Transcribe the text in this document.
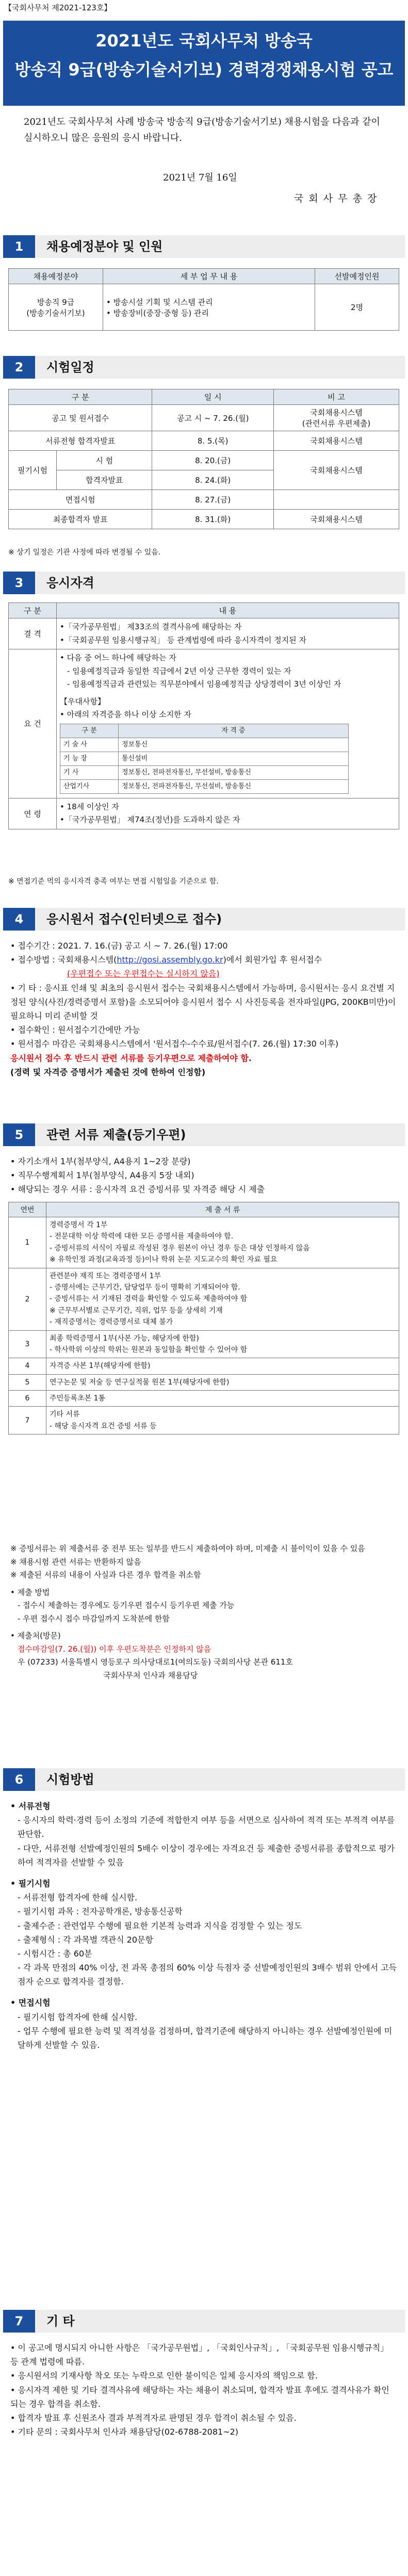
【국회사무처 제2021-123호】
2021년도 국회사무처 방송국
방송직 9급(방송기술서기보) 경력경쟁채용시험 공고
2021년도 국회사무처 사례 방송국 방송직 9급(방송기술서기보) 채용시험을 다음과 같이 실시하오니 많은 응원의 응시 바랍니다.
2021년 7월 16일
국 회 사 무 총 장
1	채용예정분야 및 인원
채용예정분야	세 부 업 무 내 용	선발예정인원
방송직 9급
(방송기술서기보)	• 방송시설 기획 및 시스템 관리
• 방송장비(중장·중형 등) 관리	2명
2	시험일정
구 분		일 시	비 고
공고 및 원서접수		공고 시 ~ 7. 26.(월)	국회채용시스템
(관련서류 우편제출)
서류전형 합격자발표		8. 5.(목)	국회채용시스템
필기시험	시 험	8. 20.(금)	국회채용시스템
	합격자발표	8. 24.(화)	
면접시험		8. 27.(금)	
최종합격자 발표		8. 31.(화)	국회채용시스템
※ 상기 일정은 기관 사정에 따라 변경될 수 있음.
3	응시자격
구 분	내 용
결 격	
•「국가공무원법」 제33조의 결격사유에 해당하는 자
•「국회공무원 임용시행규칙」 등 관계법령에 따라 응시자격이 정지된 자

요 건	
• 다음 중 어느 하나에 해당하는 자
- 임용예정직급과 동일한 직급에서 2년 이상 근무한 경력이 있는 자
- 임용예정직급과 관련있는 직무분야에서 임용예정직급 상당경력이 3년 이상인 자
【우대사항】
• 아래의 자격증을 하나 이상 소지한 자
구 분	자 격 증
기 술 사	정보통신
기 능 장	통신설비
기 사	정보통신, 전파전자통신, 무선설비, 방송통신
산업기사	정보통신, 전파전자통신, 무선설비, 방송통신

연 령	
• 18세 이상인 자
•「국가공무원법」 제74조(정년)를 도과하지 않은 자
※ 면접기준 먹의 응시자격 충족 여부는 면접 시험일을 기준으로 함.
4	응시원서 접수(인터넷으로 접수)

• 접수기간 : 2021. 7. 16.(금) 공고 시 ~ 7. 26.(월) 17:00

• 접수방법 : 국회채용시스템(http://gosi.assembly.go.kr)에서 회원가입 후 원서접수

(우편접수 또는 우편접수는 실시하지 않음)

• 기 타 : 응시표 인쇄 및 최초의 응시원서 접수는 국회채용시스템에서 가능하며, 응시원서는 응시 요건별 지정된 양식(사진/경력증명서 포함)을 소모되어야 응시원서 접수 시 사진등록을 전자파일(JPG, 200KB미만)이 필요하니 미리 준비할 것

• 접수확인 : 원서접수기간에만 가능

• 원서접수 마감은 국회채용시스템에서 '원서접수-수수료/원서접수(7. 26.(월) 17:30 이후)

응시원서 접수 후 반드시 관련 서류를 등기우편으로 제출하여야 함.

(경력 및 자격증 증명서가 제출된 것에 한하여 인정함)

5	관련 서류 제출(등기우편)

• 자기소개서 1부(첨부양식, A4용지 1~2장 분량)

• 직무수행계획서 1부(첨부양식, A4용지 5장 내외)

• 해당되는 경우 서류 : 응시자격 요건 증빙서류 및 자격증 해당 시 제출

연번	제 출 서 류
1	경력증명서 각 1부
- 전문대학 이상 학력에 대한 모든 증명서를 제출하여야 함.
- 증빙서류의 서식이 자필로 작성된 경우 원본이 아닌 경우 등은 대상 인정하지 않음
※ 유학인정 과정(교육과정 등)이나 학위 논문 지도교수의 확인 자료 필요
2	관련분야 재직 또는 경력증명서 1부
- 증명서에는 근무기간, 담당업무 등이 명확히 기재되어야 함.
- 증빙서류는 서 기재된 경력을 확인할 수 있도록 제출하여야 함
※ 근무부서별로 근무기간, 직위, 업무 등을 상세히 기재
- 재직증명서는 경력증명서로 대체 불가
3	최종 학력증명서 1부(사본 가능, 해당자에 한함)
- 학사학위 이상의 학위는 원본과 동일함을 확인할 수 있어야 함
4	자격증 사본 1부(해당자에 한함)
5	연구논문 및 저술 등 연구실적물 원본 1부(해당자에 한함)
6	주민등록초본 1통
7	기타 서류
- 해당 응시자격 요건 증빙 서류 등

※ 증빙서류는 위 제출서류 중 전부 또는 일부를 반드시 제출하여야 하며, 미제출 시 불이익이 있을 수 있음

※ 채용시험 관련 서류는 반환하지 않음

※ 제출된 서류의 내용이 사실과 다른 경우 합격을 취소함

• 제출 방법

- 접수시 제출하는 경우에도 등기우편 접수시 등기우편 제출 가능

- 우편 접수시 접수 마감일까지 도착분에 한함

• 제출처(방문)

접수마감일(7. 26.(월)) 이후 우편도착분은 인정하지 않음

우 (07233) 서울특별시 영등포구 의사당대로1(여의도동) 국회의사당 본관 611호

국회사무처 인사과 채용담당

6	시험방법

• 서류전형

- 응시자의 학력·경력 등이 소정의 기준에 적합한지 여부 등을 서면으로 심사하여 적격 또는 부적격 여부를 판단함.

- 다만, 서류전형 선발예정인원의 5배수 이상이 경우에는 자격요건 등 제출한 증빙서류를 종합적으로 평가하여 적격자를 선발할 수 있음

• 필기시험

- 서류전형 합격자에 한해 실시함.

- 필기시험 과목 : 전자공학개론, 방송통신공학

- 출제수준 : 관련업무 수행에 필요한 기본적 능력과 지식을 검정할 수 있는 정도

- 출제형식 : 각 과목별 객관식 20문항

- 시험시간 : 총 60분

- 각 과목 만점의 40% 이상, 전 과목 총점의 60% 이상 득점자 중 선발예정인원의 3배수 범위 안에서 고득점자 순으로 합격자를 결정함.

• 면접시험

- 필기시험 합격자에 한해 실시함.

- 업무 수행에 필요한 능력 및 적격성을 검정하며, 합격기준에 해당하지 아니하는 경우 선발예정인원에 미달하게 선발할 수 있음.

7	기 타

• 이 공고에 명시되지 아니한 사항은 「국가공무원법」, 「국회인사규칙」, 「국회공무원 임용시행규칙」 등 관계 법령에 따름.

• 응시원서의 기재사항 착오 또는 누락으로 인한 불이익은 일체 응시자의 책임으로 함.

• 응시자격 제한 및 기타 결격사유에 해당하는 자는 채용이 취소되며, 합격자 발표 후에도 결격사유가 확인되는 경우 합격을 취소함.

• 합격자 발표 후 신원조사 결과 부적격자로 판명된 경우 합격이 취소될 수 있음.

• 기타 문의 : 국회사무처 인사과 채용담당(02-6788-2081~2)
